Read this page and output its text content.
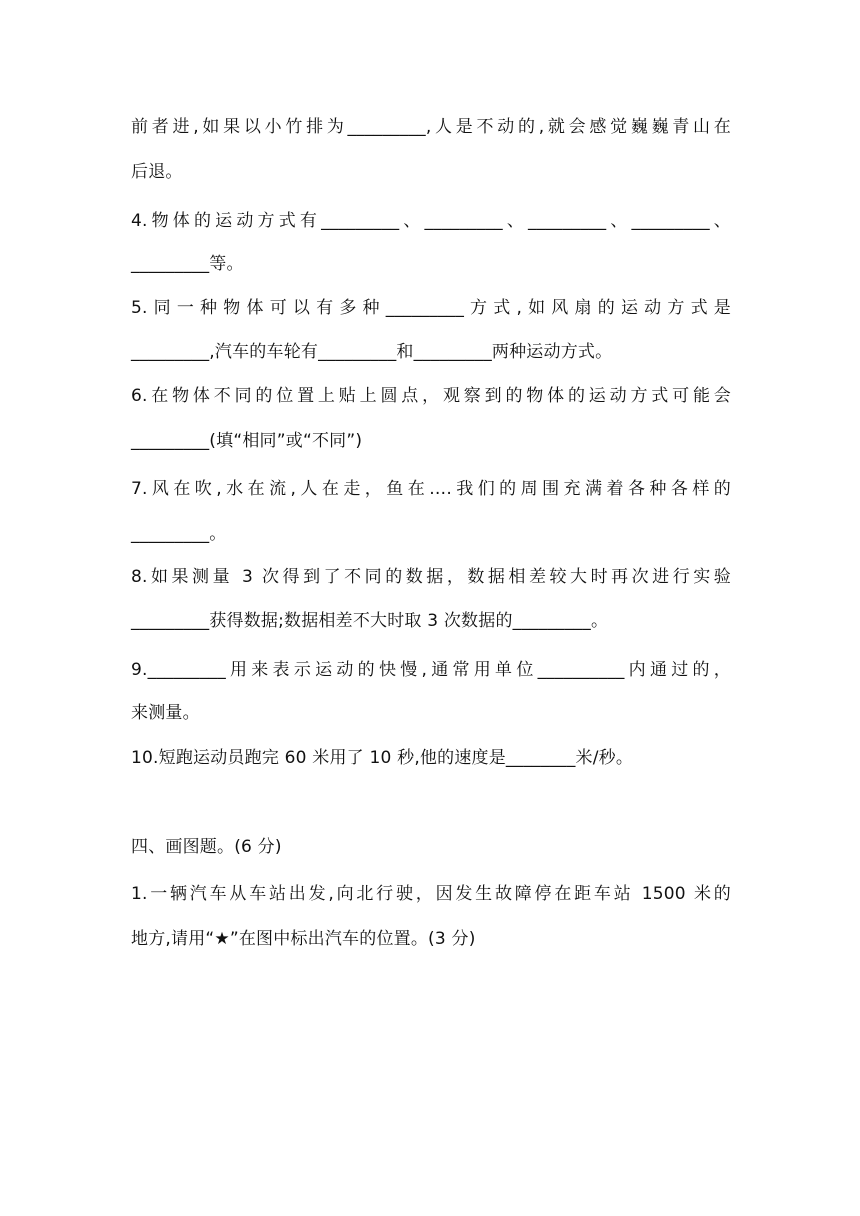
前者进,如果以小竹排为_________,人是不动的,就会感觉巍巍青山在
后退。
4.物体的运动方式有_________、_________、_________、_________、
_________等。
5.同一种物体可以有多种_________方式,如风扇的运动方式是
_________,汽车的车轮有_________和_________两种运动方式。
6.在物体不同的位置上贴上圆点，观察到的物体的运动方式可能会
_________(填“相同”或“不同”)
7.风在吹,水在流,人在走，鱼在….我们的周围充满着各种各样的
_________。
8.如果测量 3 次得到了不同的数据，数据相差较大时再次进行实验
_________获得数据;数据相差不大时取 3 次数据的_________。
9._________用来表示运动的快慢,通常用单位__________内通过的，
来测量。
10.短跑运动员跑完 60 米用了 10 秒,他的速度是________米/秒。
四、画图题。(6 分)
1.一辆汽车从车站出发,向北行驶，因发生故障停在距车站 1500 米的
地方,请用“★”在图中标出汽车的位置。(3 分)
